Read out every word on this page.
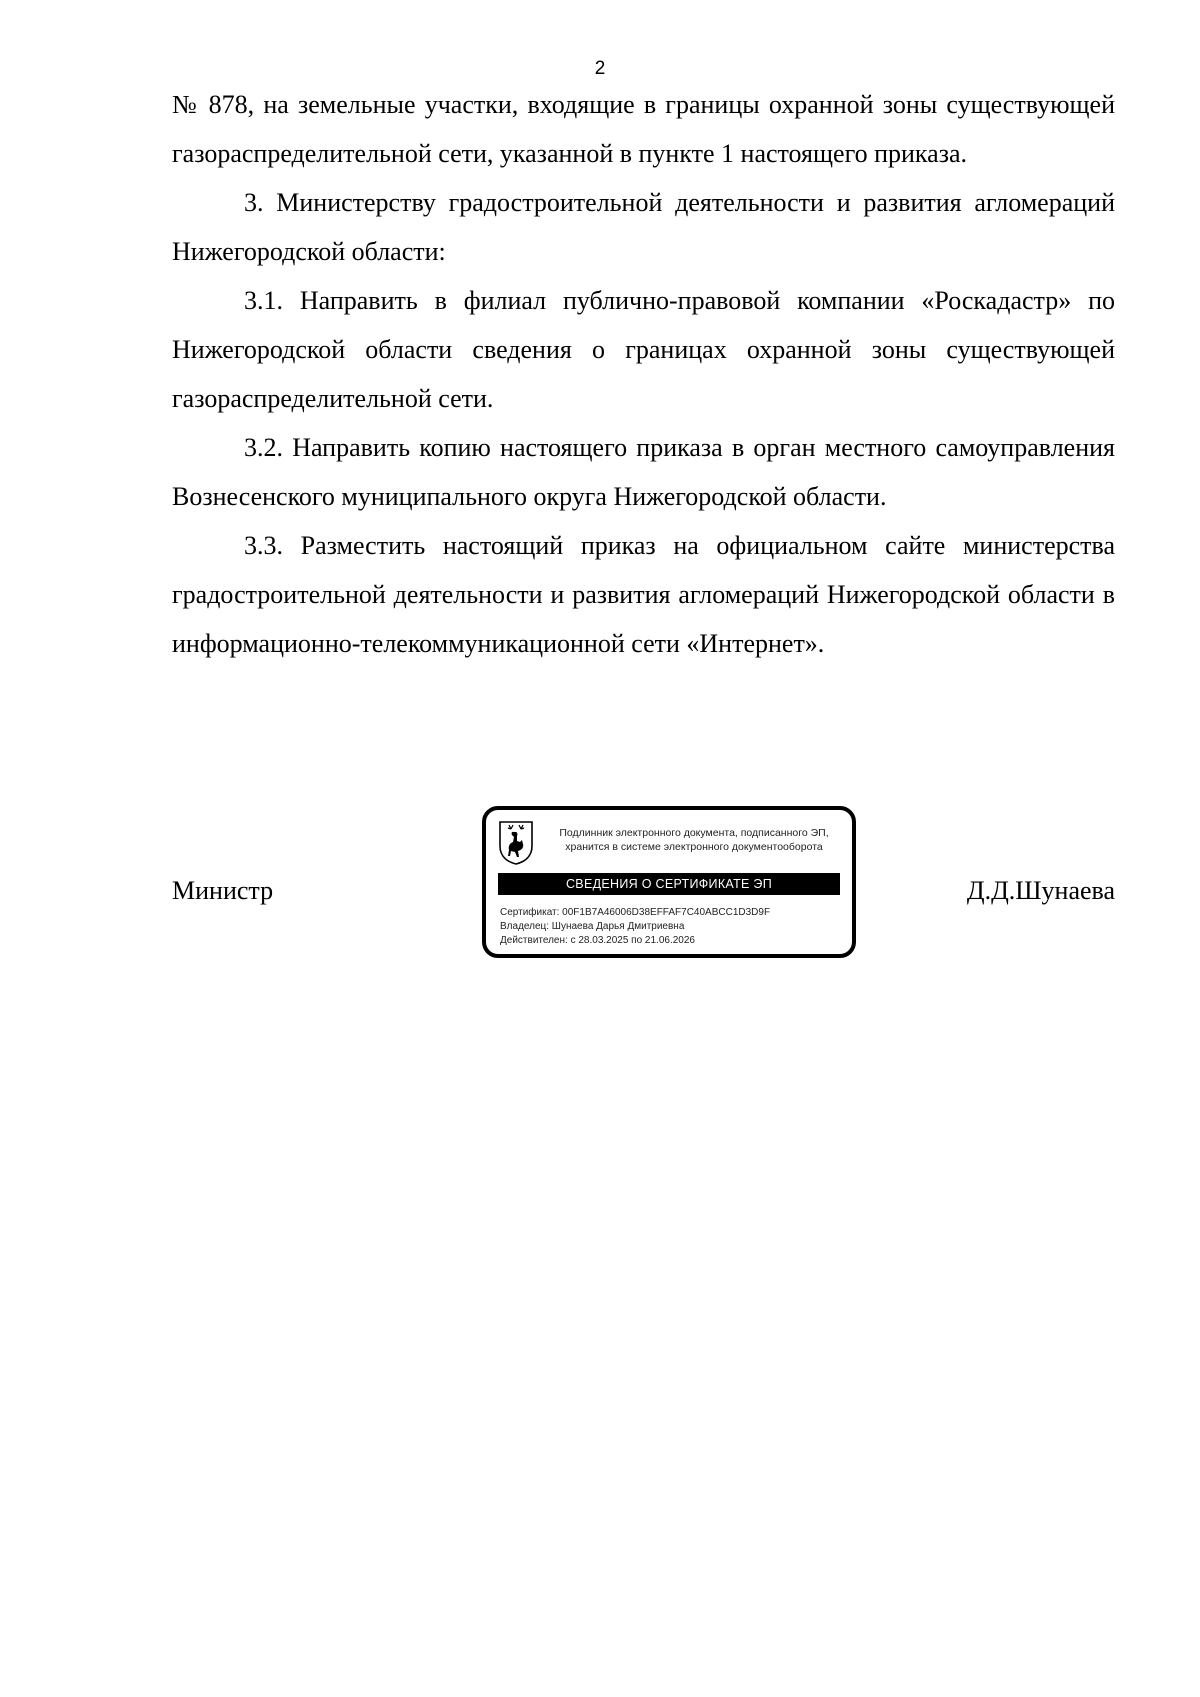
2

№ 878, на земельные участки, входящие в границы охранной зоны существующей газораспределительной сети, указанной в пункте 1 настоящего приказа.

3. Министерству градостроительной деятельности и развития агломераций Нижегородской области:

3.1. Направить в филиал публично-правовой компании «Роскадастр» по Нижегородской области сведения о границах охранной зоны существующей газораспределительной сети.

3.2. Направить копию настоящего приказа в орган местного самоуправления Вознесенского муниципального округа Нижегородской области.

3.3. Разместить настоящий приказ на официальном сайте министерства градостроительной деятельности и развития агломераций Нижегородской области в информационно-телекоммуникационной сети «Интернет».

Министр
Подлинник электронного документа, подписанного ЭП,
хранится в системе электронного документооборота
СВЕДЕНИЯ О СЕРТИФИКАТЕ ЭП
Сертификат: 00F1B7A46006D38EFFAF7C40ABCC1D3D9F
Владелец: Шунаева Дарья Дмитриевна
Действителен: с 28.03.2025 по 21.06.2026
Д.Д.Шунаева
